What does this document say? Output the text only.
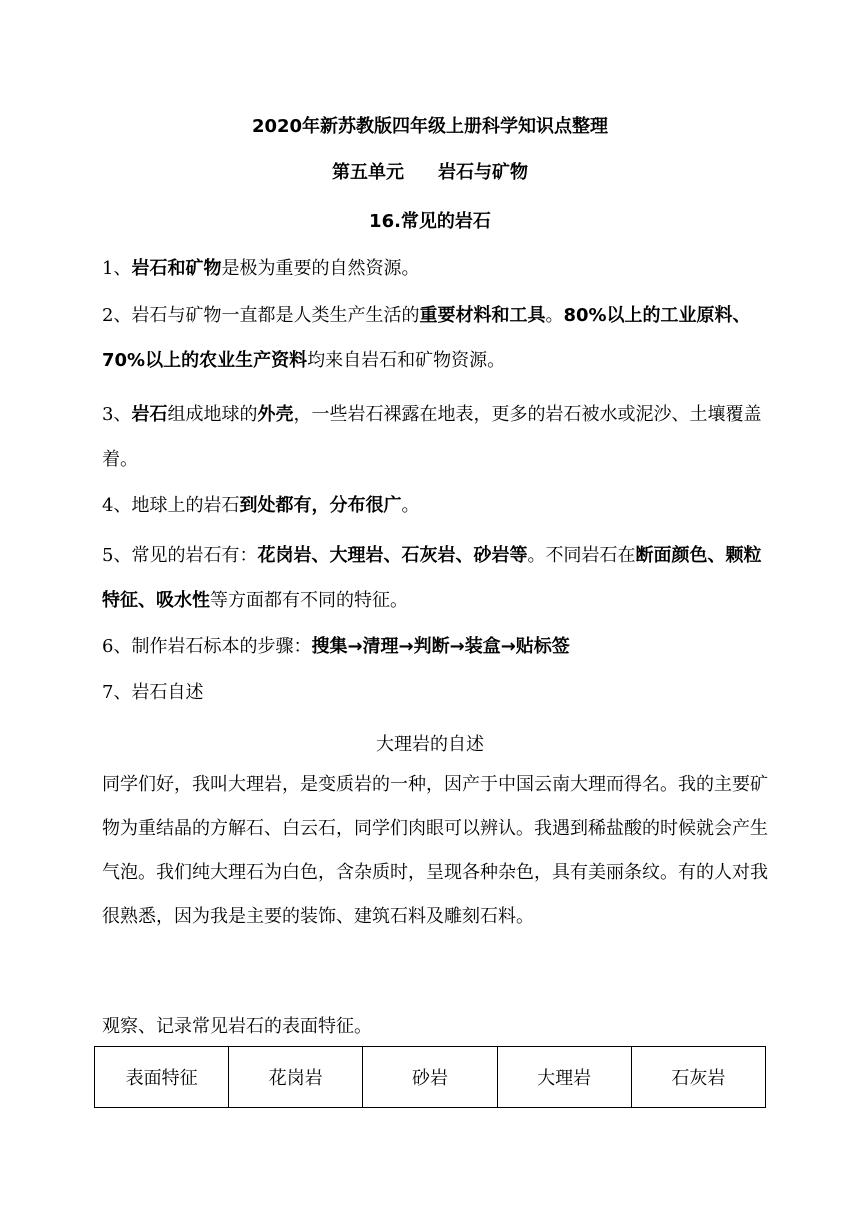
2020年新苏教版四年级上册科学知识点整理
第五单元 岩石与矿物
16.常见的岩石

1、岩石和矿物是极为重要的自然资源。

2、岩石与矿物一直都是人类生产生活的重要材料和工具。80%以上的工业原料、70%以上的农业生产资料均来自岩石和矿物资源。

3、岩石组成地球的外壳，一些岩石裸露在地表，更多的岩石被水或泥沙、土壤覆盖着。

4、地球上的岩石到处都有，分布很广。

5、常见的岩石有：花岗岩、大理岩、石灰岩、砂岩等。不同岩石在断面颜色、颗粒特征、吸水性等方面都有不同的特征。

6、制作岩石标本的步骤：搜集→清理→判断→装盒→贴标签

7、岩石自述

大理岩的自述

同学们好，我叫大理岩，是变质岩的一种，因产于中国云南大理而得名。我的主要矿物为重结晶的方解石、白云石，同学们肉眼可以辨认。我遇到稀盐酸的时候就会产生气泡。我们纯大理石为白色，含杂质时，呈现各种杂色，具有美丽条纹。有的人对我很熟悉，因为我是主要的装饰、建筑石料及雕刻石料。

观察、记录常见岩石的表面特征。

表面特征	花岗岩	砂岩	大理岩	石灰岩
